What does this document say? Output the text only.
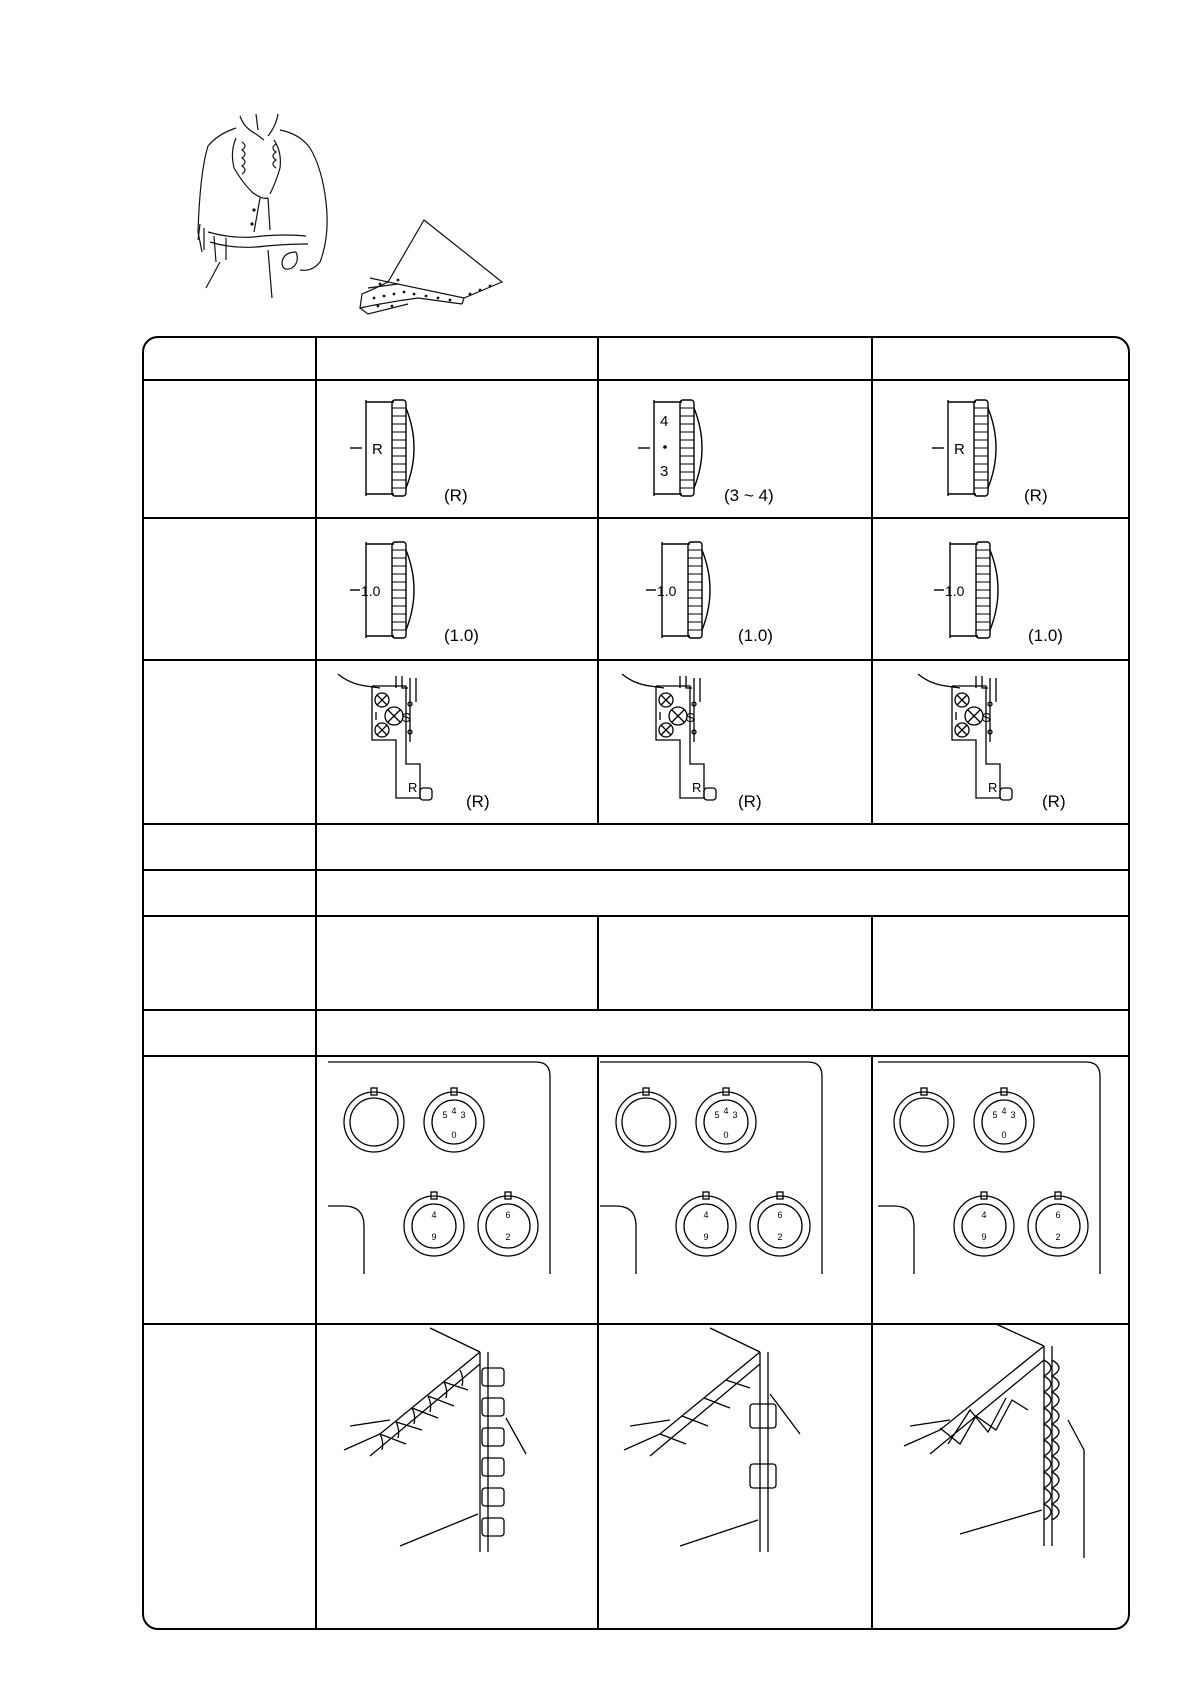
R
(R)
4
3
(3 ~ 4)
R
(R)
1.0
(1.0)
1.0
(1.0)
1.0
(1.0)
S
R
(R)
S
R
(R)
S
R
(R)
4
5 3
0
4
9
6
2
4
5 3
0
4
9
6
2
4
5 3
0
4
9
6
2
